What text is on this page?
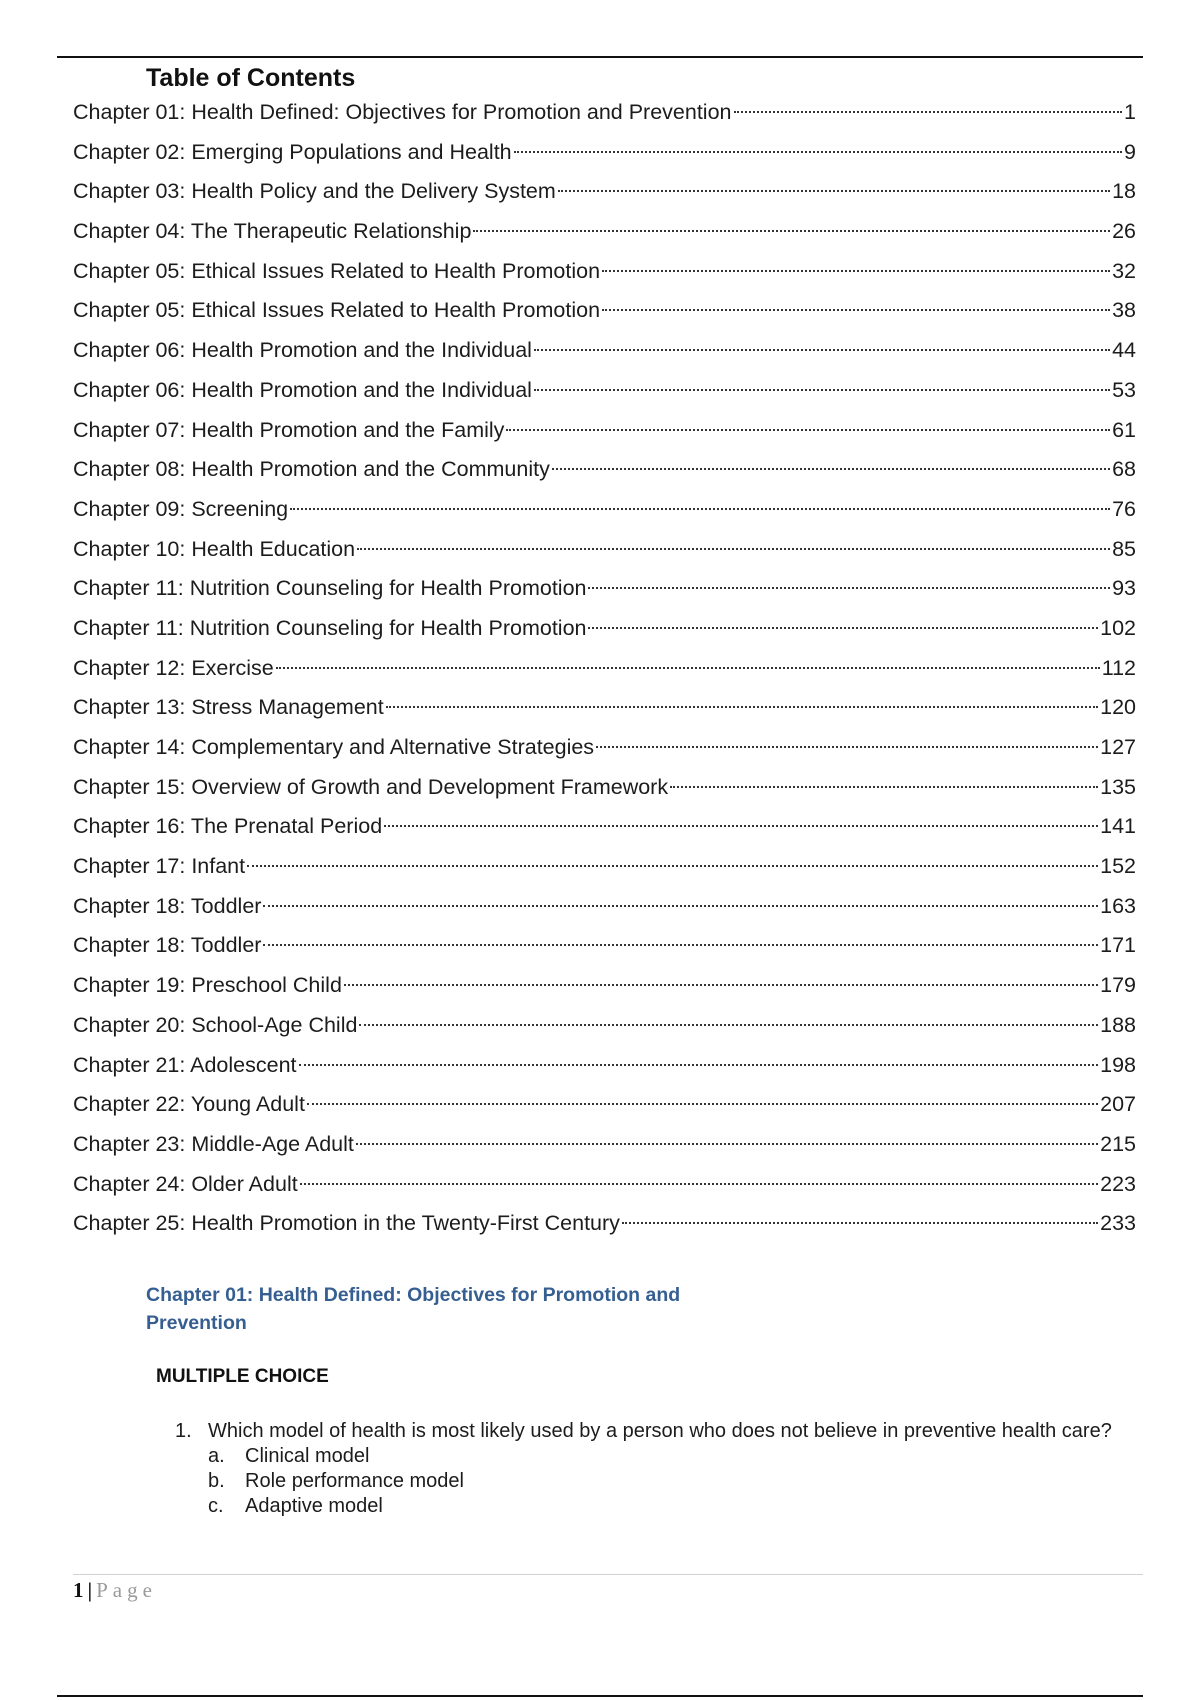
Table of Contents
Chapter 01: Health Defined: Objectives for Promotion and Prevention	1
Chapter 02: Emerging Populations and Health	9
Chapter 03: Health Policy and the Delivery System	18
Chapter 04: The Therapeutic Relationship	26
Chapter 05: Ethical Issues Related to Health Promotion	32
Chapter 05: Ethical Issues Related to Health Promotion	38
Chapter 06: Health Promotion and the Individual	44
Chapter 06: Health Promotion and the Individual	53
Chapter 07: Health Promotion and the Family	61
Chapter 08: Health Promotion and the Community	68
Chapter 09: Screening	76
Chapter 10: Health Education	85
Chapter 11: Nutrition Counseling for Health Promotion	93
Chapter 11: Nutrition Counseling for Health Promotion	102
Chapter 12: Exercise	112
Chapter 13: Stress Management	120
Chapter 14: Complementary and Alternative Strategies	127
Chapter 15: Overview of Growth and Development Framework	135
Chapter 16: The Prenatal Period	141
Chapter 17: Infant	152
Chapter 18: Toddler	163
Chapter 18: Toddler	171
Chapter 19: Preschool Child	179
Chapter 20: School-Age Child	188
Chapter 21: Adolescent	198
Chapter 22: Young Adult	207
Chapter 23: Middle-Age Adult	215
Chapter 24: Older Adult	223
Chapter 25: Health Promotion in the Twenty-First Century	233
Chapter 01: Health Defined: Objectives for Promotion and Prevention
MULTIPLE CHOICE
1. Which model of health is most likely used by a person who does not believe in preventive health care?
a.	Clinical model
b.	Role performance model
c.	Adaptive model
1 | Page
